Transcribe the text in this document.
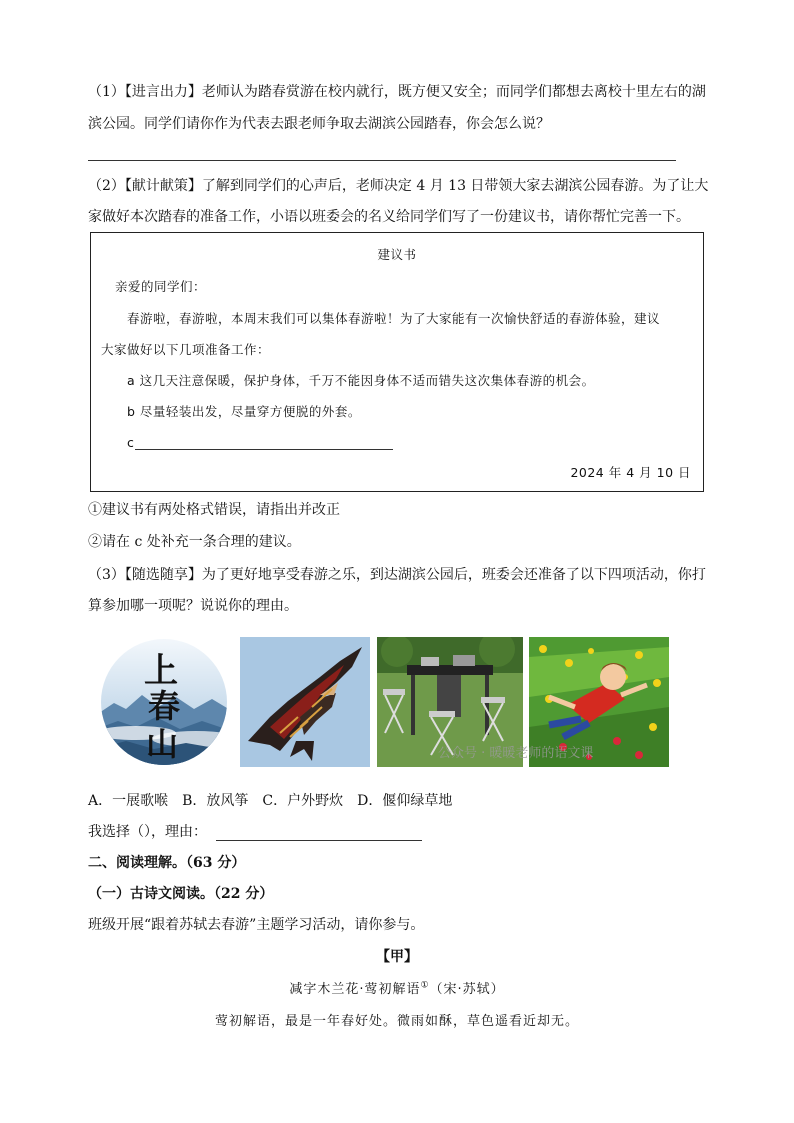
（1）【进言出力】老师认为踏春赏游在校内就行，既方便又安全；而同学们都想去离校十里左右的湖
滨公园。同学们请你作为代表去跟老师争取去湖滨公园踏春，你会怎么说？
（2）【献计献策】了解到同学们的心声后，老师决定 4 月 13 日带领大家去湖滨公园春游。为了让大
家做好本次踏春的准备工作，小语以班委会的名义给同学们写了一份建议书，请你帮忙完善一下。
建议书
亲爱的同学们：
春游啦，春游啦，本周末我们可以集体春游啦！为了大家能有一次愉快舒适的春游体验，建议
大家做好以下几项准备工作：
a 这几天注意保暖，保护身体，千万不能因身体不适而错失这次集体春游的机会。
b 尽量轻装出发，尽量穿方便脱的外套。
c
2024 年 4 月 10 日
①建议书有两处格式错误，请指出并改正
②请在 c 处补充一条合理的建议。
（3）【随选随享】为了更好地享受春游之乐，到达湖滨公园后，班委会还准备了以下四项活动，你打
算参加哪一项呢？说说你的理由。
上
春
山	公众号 · 暖暖老师的语文课
A．一展歌喉　B．放风筝　C．户外野炊　D．偃仰绿草地
我选择（），理由：
二、阅读理解。（63 分）
（一）古诗文阅读。（22 分）
班级开展“跟着苏轼去春游”主题学习活动，请你参与。
【甲】
减字木兰花·莺初解语①（宋·苏轼）
莺初解语，最是一年春好处。微雨如酥，草色遥看近却无。
